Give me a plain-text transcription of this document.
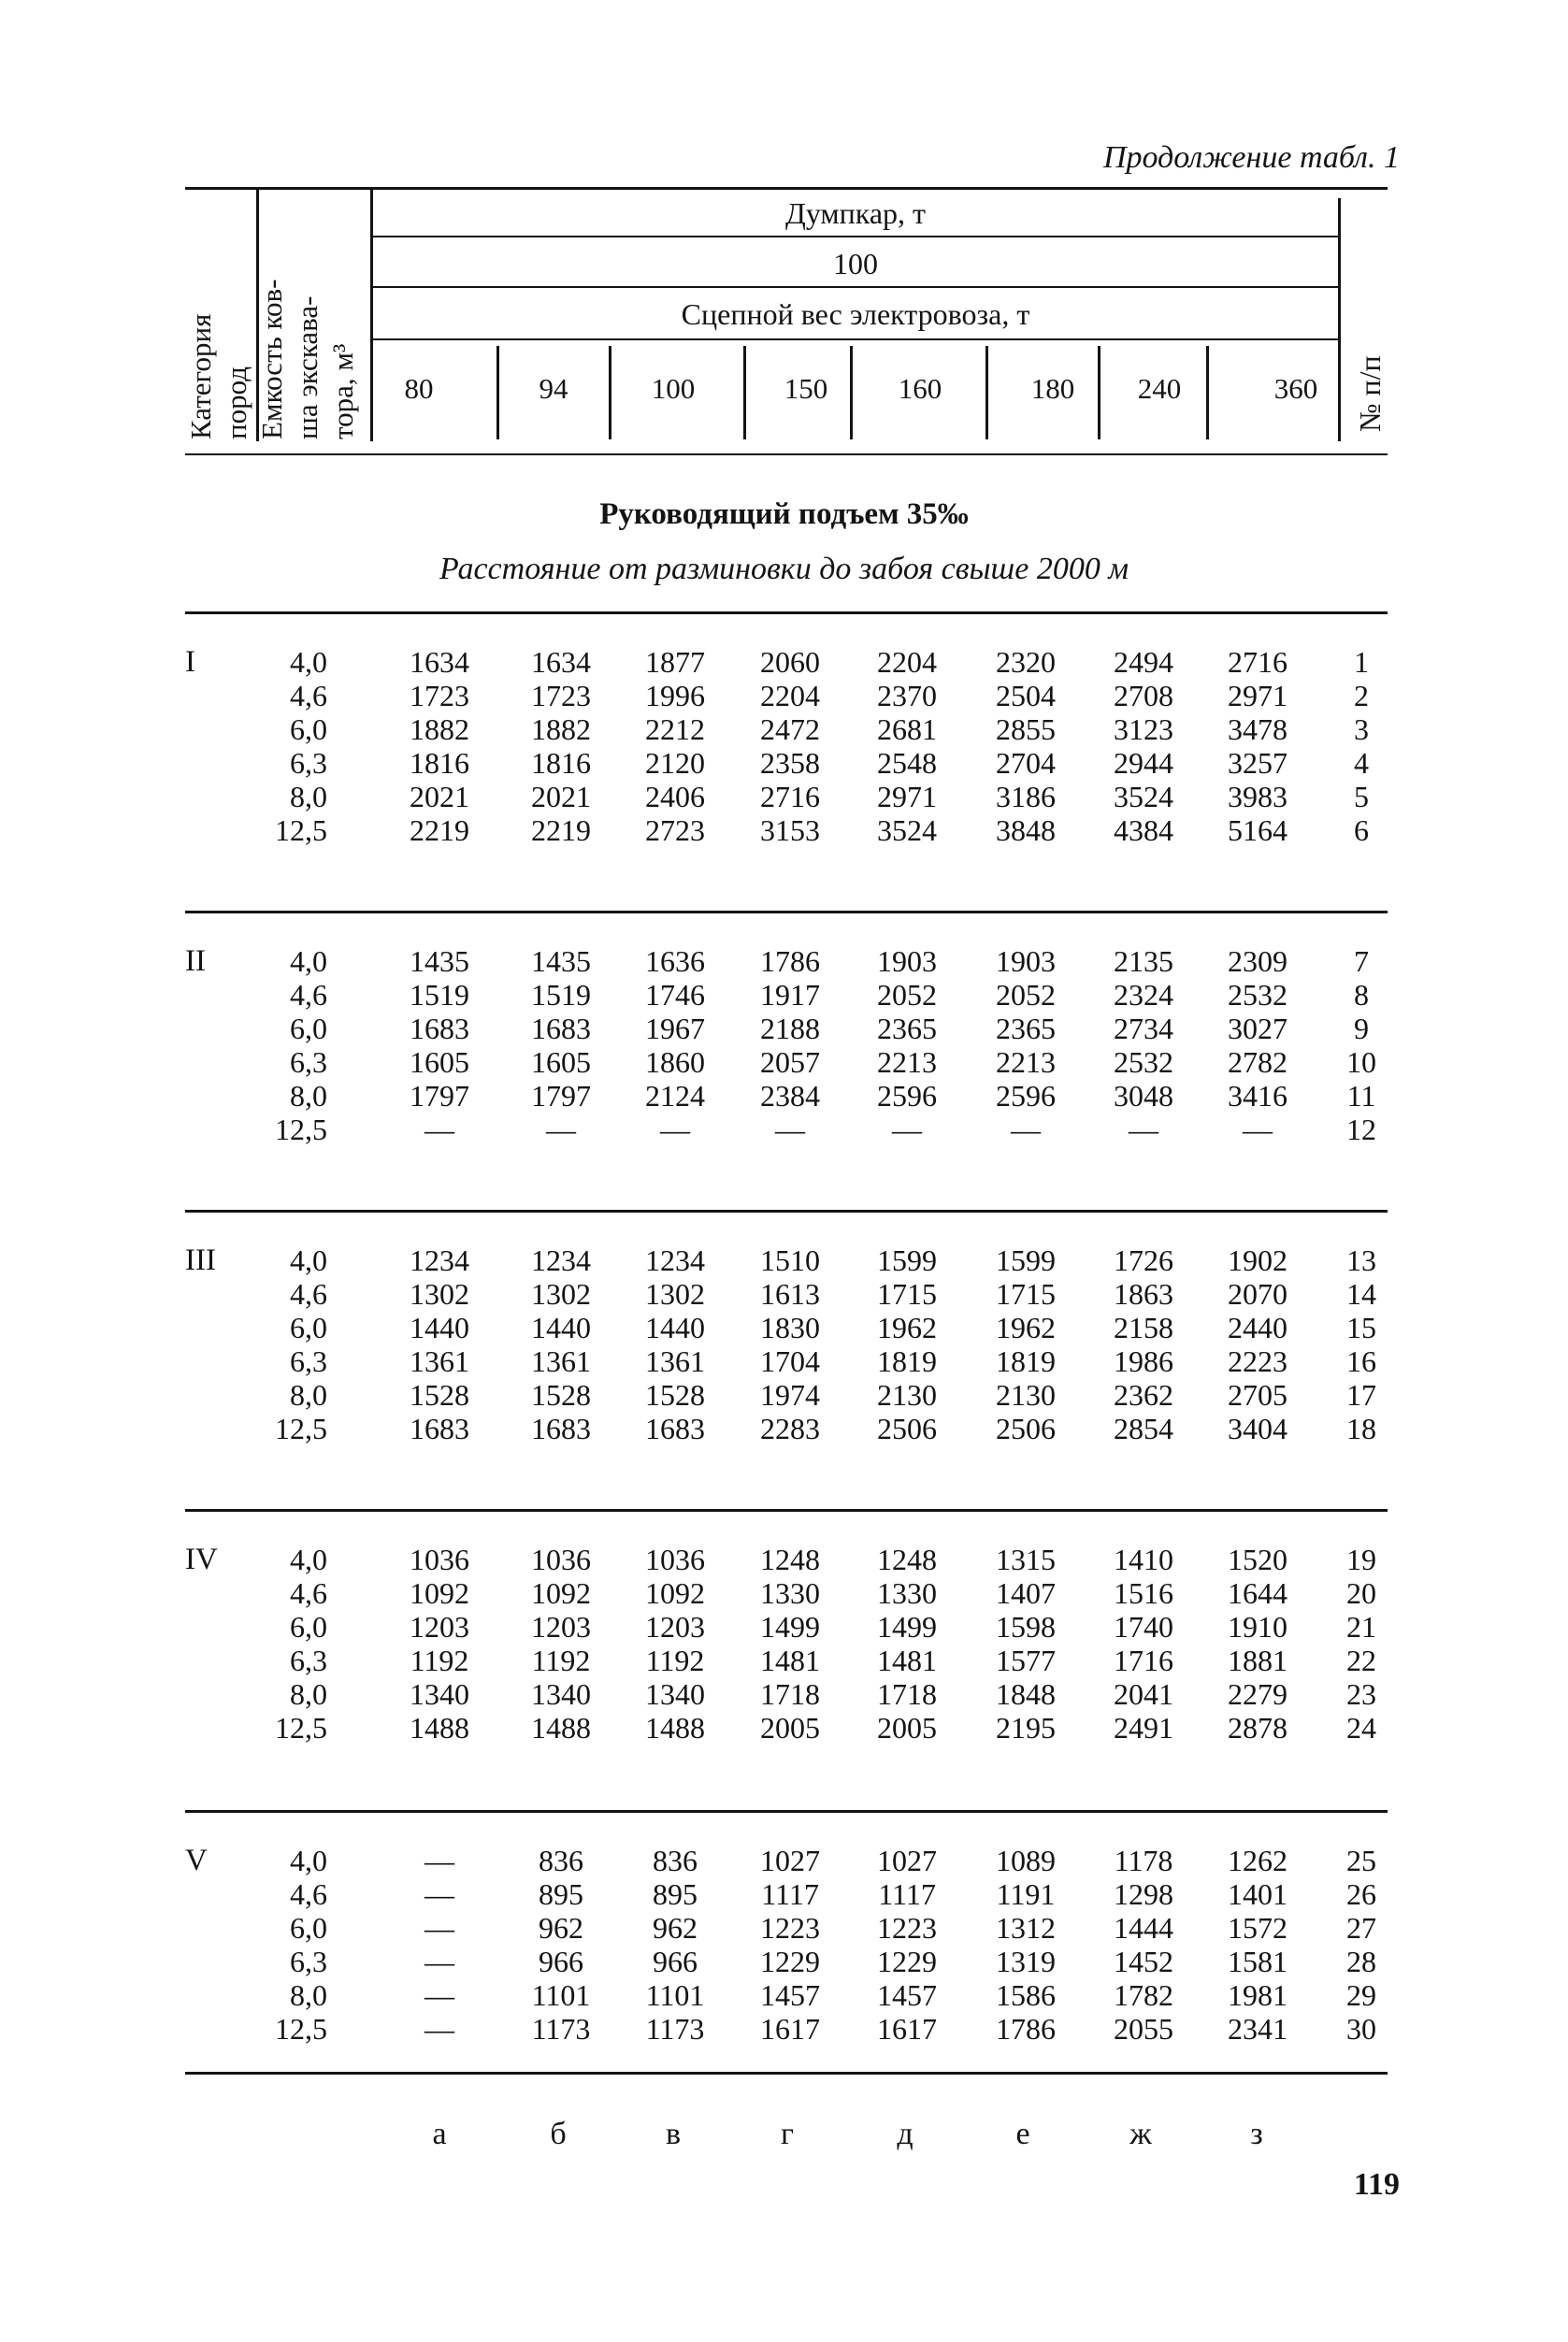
Продолжение табл. 1
Категория пород Емкость ков- ша экскава- тора, м³	№ п/п
Думпкар, т
100
Сцепной вес электровоза, т
80	94	100	150	160	180	240	360
Руководящий подъем 35‰
Расстояние от разминовки до забоя свыше 2000 м
I	4,0	1634	1634	1877	2060	2204	2320	2494	2716	1
4,6	1723	1723	1996	2204	2370	2504	2708	2971	2
6,0	1882	1882	2212	2472	2681	2855	3123	3478	3
6,3	1816	1816	2120	2358	2548	2704	2944	3257	4
8,0	2021	2021	2406	2716	2971	3186	3524	3983	5
12,5	2219	2219	2723	3153	3524	3848	4384	5164	6
II	4,0	1435	1435	1636	1786	1903	1903	2135	2309	7
4,6	1519	1519	1746	1917	2052	2052	2324	2532	8
6,0	1683	1683	1967	2188	2365	2365	2734	3027	9
6,3	1605	1605	1860	2057	2213	2213	2532	2782	10
8,0	1797	1797	2124	2384	2596	2596	3048	3416	11
12,5	—	—	—	—	—	—	—	—	12
III	4,0	1234	1234	1234	1510	1599	1599	1726	1902	13
4,6	1302	1302	1302	1613	1715	1715	1863	2070	14
6,0	1440	1440	1440	1830	1962	1962	2158	2440	15
6,3	1361	1361	1361	1704	1819	1819	1986	2223	16
8,0	1528	1528	1528	1974	2130	2130	2362	2705	17
12,5	1683	1683	1683	2283	2506	2506	2854	3404	18
IV	4,0	1036	1036	1036	1248	1248	1315	1410	1520	19
4,6	1092	1092	1092	1330	1330	1407	1516	1644	20
6,0	1203	1203	1203	1499	1499	1598	1740	1910	21
6,3	1192	1192	1192	1481	1481	1577	1716	1881	22
8,0	1340	1340	1340	1718	1718	1848	2041	2279	23
12,5	1488	1488	1488	2005	2005	2195	2491	2878	24
V	4,0	—	836	836	1027	1027	1089	1178	1262	25
4,6	—	895	895	1117	1117	1191	1298	1401	26
6,0	—	962	962	1223	1223	1312	1444	1572	27
6,3	—	966	966	1229	1229	1319	1452	1581	28
8,0	—	1101	1101	1457	1457	1586	1782	1981	29
12,5	—	1173	1173	1617	1617	1786	2055	2341	30
а	б	в	г	д	е	ж	з
119
